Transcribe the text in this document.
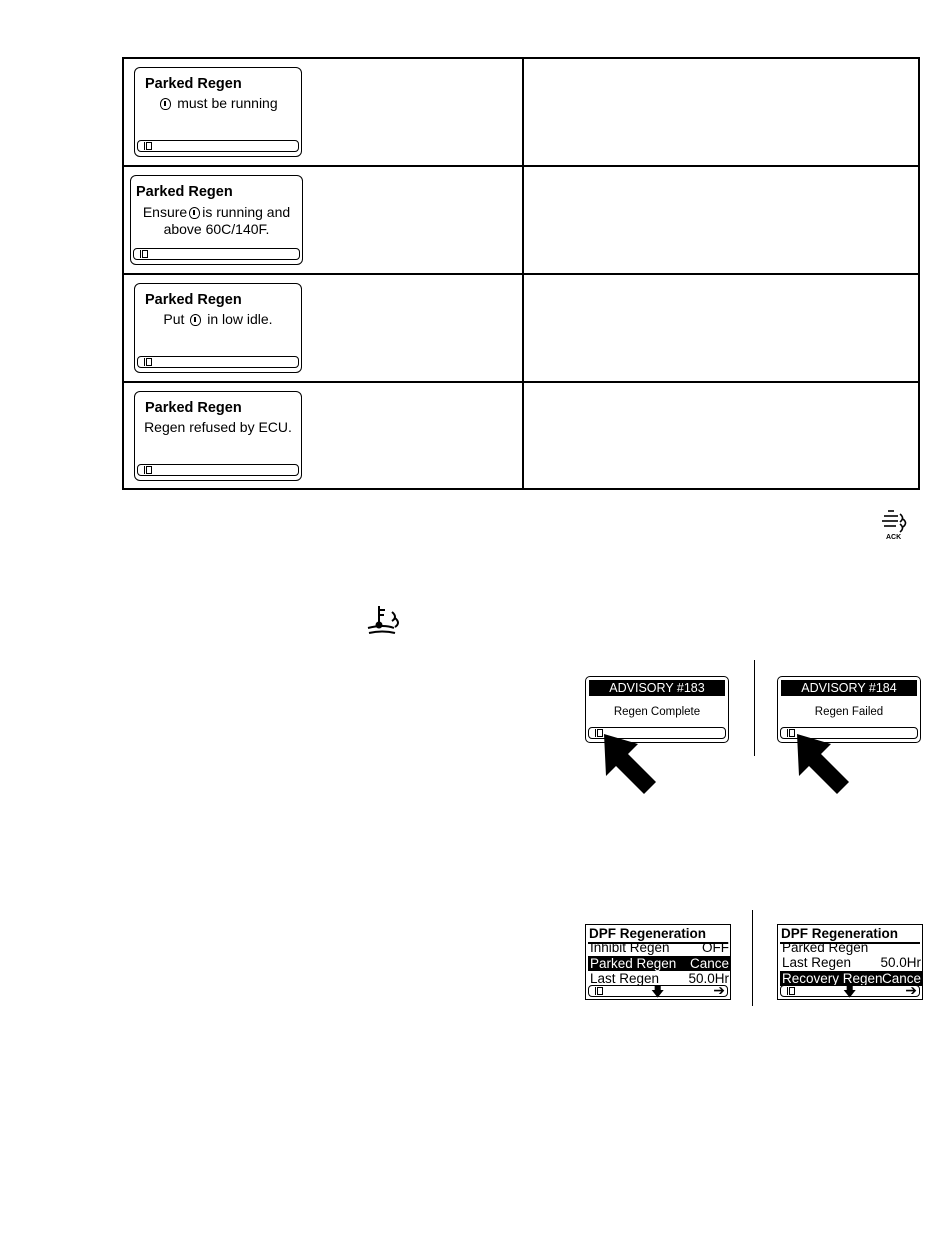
Parked Regen
must be running
Parked Regen
Ensure is running and
above 60C/140F.
Parked Regen
Put in low idle.
Parked Regen
Regen refused by ECU.
ACK
ADVISORY #183
Regen Complete
ADVISORY #184
Regen Failed
DPF Regeneration
Inhibit Regen OFF
Parked Regen Cance
Last Regen 50.0Hr
🡇	➔
DPF Regeneration
Parked Regen
Last Regen 50.0Hr
Recovery Regen Cance
🡇	➔
